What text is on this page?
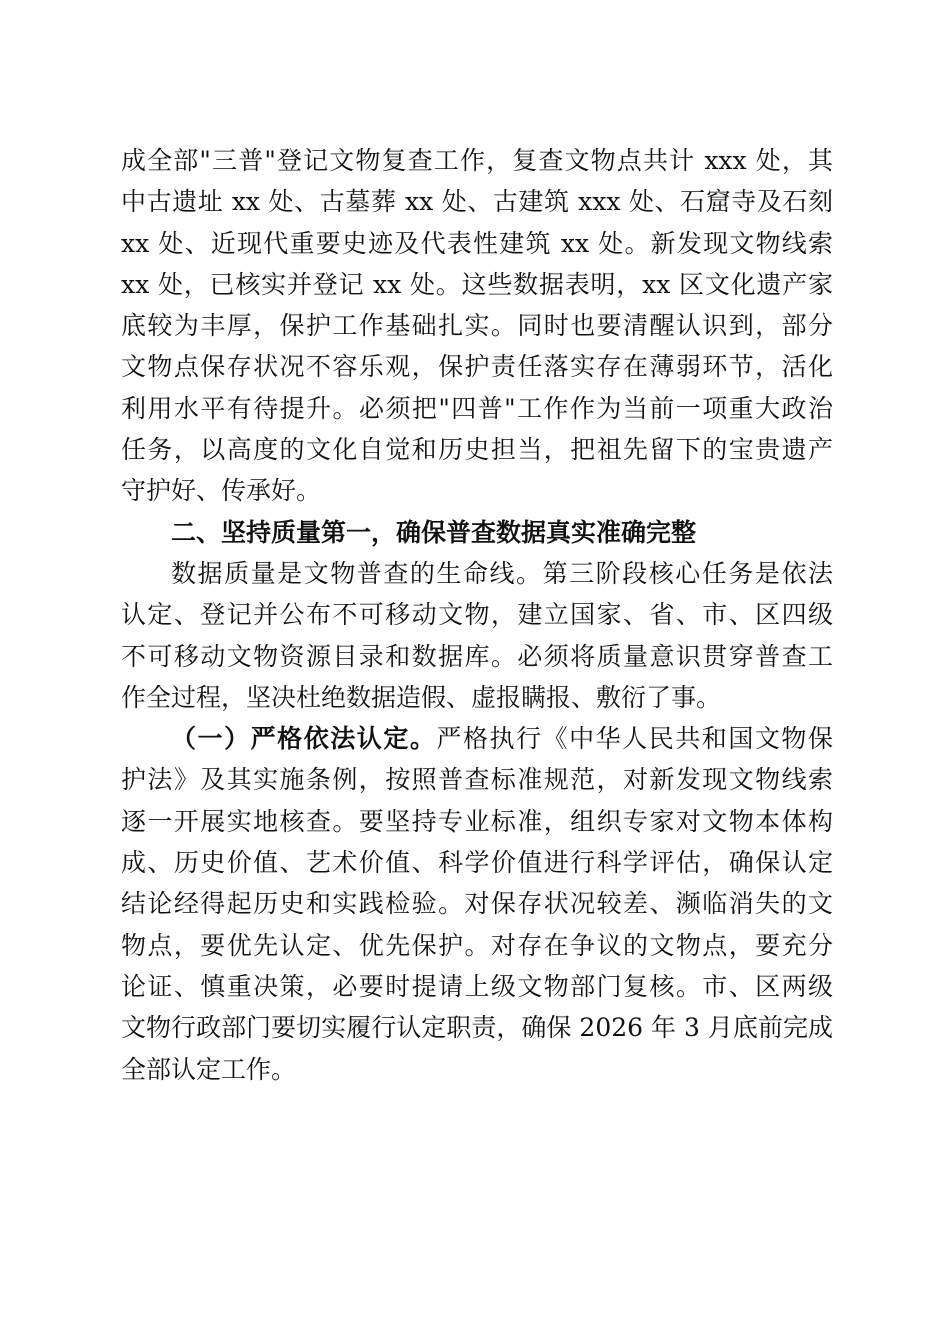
成全部"三普"登记文物复查工作，复查文物点共计 xxx 处，其
中古遗址 xx 处、古墓葬 xx 处、古建筑 xxx 处、石窟寺及石刻
xx 处、近现代重要史迹及代表性建筑 xx 处。新发现文物线索
xx 处，已核实并登记 xx 处。这些数据表明，xx 区文化遗产家
底较为丰厚，保护工作基础扎实。同时也要清醒认识到，部分
文物点保存状况不容乐观，保护责任落实存在薄弱环节，活化
利用水平有待提升。必须把"四普"工作作为当前一项重大政治
任务，以高度的文化自觉和历史担当，把祖先留下的宝贵遗产
守护好、传承好。
二、坚持质量第一，确保普查数据真实准确完整
数据质量是文物普查的生命线。第三阶段核心任务是依法
认定、登记并公布不可移动文物，建立国家、省、市、区四级
不可移动文物资源目录和数据库。必须将质量意识贯穿普查工
作全过程，坚决杜绝数据造假、虚报瞒报、敷衍了事。
（一）严格依法认定。严格执行《中华人民共和国文物保
护法》及其实施条例，按照普查标准规范，对新发现文物线索
逐一开展实地核查。要坚持专业标准，组织专家对文物本体构
成、历史价值、艺术价值、科学价值进行科学评估，确保认定
结论经得起历史和实践检验。对保存状况较差、濒临消失的文
物点，要优先认定、优先保护。对存在争议的文物点，要充分
论证、慎重决策，必要时提请上级文物部门复核。市、区两级
文物行政部门要切实履行认定职责，确保 2026 年 3 月底前完成
全部认定工作。
